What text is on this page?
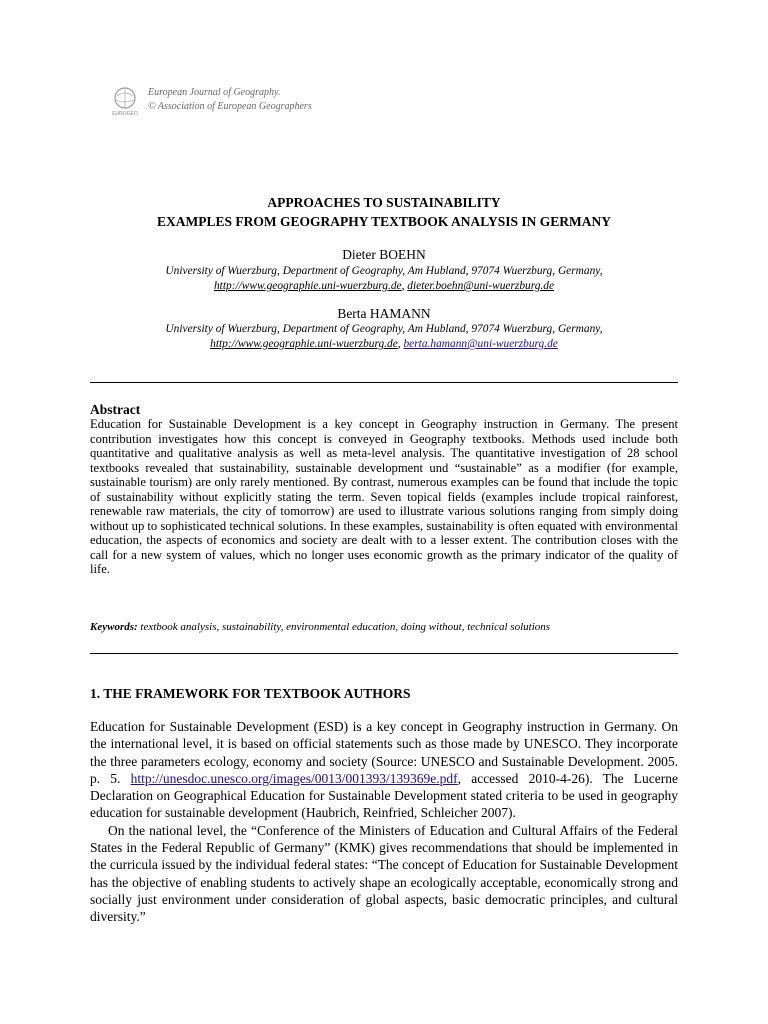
EUROGEO
European Journal of Geography.
© Association of European Geographers
APPROACHES TO SUSTAINABILITY
EXAMPLES FROM GEOGRAPHY TEXTBOOK ANALYSIS IN GERMANY
Dieter BOEHN
University of Wuerzburg, Department of Geography, Am Hubland, 97074 Wuerzburg, Germany,
http://www.geographie.uni-wuerzburg.de, dieter.boehn@uni-wuerzburg.de
Berta HAMANN
University of Wuerzburg, Department of Geography, Am Hubland, 97074 Wuerzburg, Germany,
http://www.geographie.uni-wuerzburg.de, berta.hamann@uni-wuerzburg.de
Abstract
Education for Sustainable Development is a key concept in Geography instruction in Germany. The present contribution investigates how this concept is conveyed in Geography textbooks. Methods used include both quantitative and qualitative analysis as well as meta-level analysis. The quantitative investigation of 28 school textbooks revealed that sustainability, sustainable development und “sustainable” as a modifier (for example, sustainable tourism) are only rarely mentioned. By contrast, numerous examples can be found that include the topic of sustainability without explicitly stating the term. Seven topical fields (examples include tropical rainforest, renewable raw materials, the city of tomorrow) are used to illustrate various solutions ranging from simply doing without up to sophisticated technical solutions. In these examples, sustainability is often equated with environmental education, the aspects of economics and society are dealt with to a lesser extent. The contribution closes with the call for a new system of values, which no longer uses economic growth as the primary indicator of the quality of life.
Keywords: textbook analysis, sustainability, environmental education, doing without, technical solutions
1. THE FRAMEWORK FOR TEXTBOOK AUTHORS

Education for Sustainable Development (ESD) is a key concept in Geography instruction in Germany. On the international level, it is based on official statements such as those made by UNESCO. They incorporate the three parameters ecology, economy and society (Source: UNESCO and Sustainable Development. 2005. p. 5. http://unesdoc.unesco.org/images/0013/001393/139369e.pdf, accessed 2010-4-26). The Lucerne Declaration on Geographical Education for Sustainable Development stated criteria to be used in geography education for sustainable development (Haubrich, Reinfried, Schleicher 2007).

On the national level, the “Conference of the Ministers of Education and Cultural Affairs of the Federal States in the Federal Republic of Germany” (KMK) gives recommendations that should be implemented in the curricula issued by the individual federal states: “The concept of Education for Sustainable Development has the objective of enabling students to actively shape an ecologically acceptable, economically strong and socially just environment under consideration of global aspects, basic democratic principles, and cultural diversity.”
